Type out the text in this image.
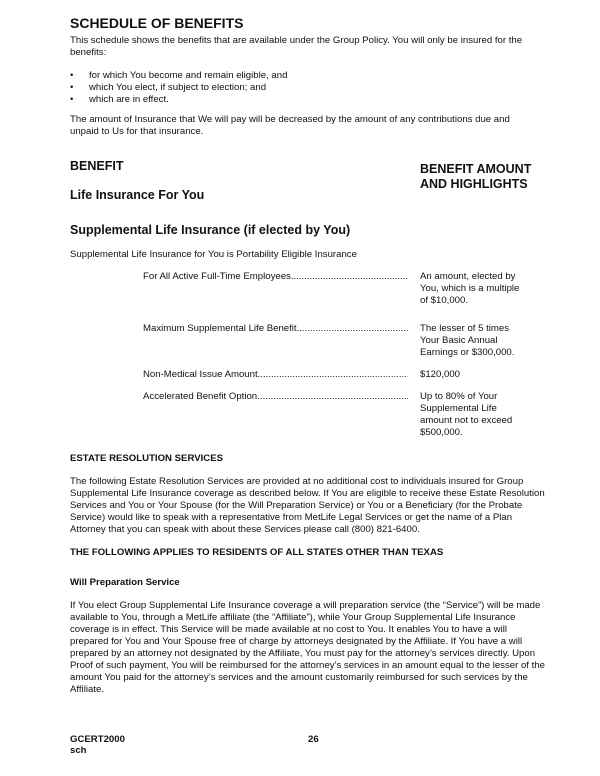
SCHEDULE OF BENEFITS
This schedule shows the benefits that are available under the Group Policy. You will only be insured for the benefits:
• for which You become and remain eligible, and
• which You elect, if subject to election; and
• which are in effect.
The amount of Insurance that We will pay will be decreased by the amount of any contributions due and unpaid to Us for that insurance.
BENEFIT	BENEFIT AMOUNT
AND HIGHLIGHTS
Life Insurance For You
Supplemental Life Insurance (if elected by You)
Supplemental Life Insurance for You is Portability Eligible Insurance
For All Active Full-Time Employees .....	An amount, elected by You, which is a multiple of $10,000.
Maximum Supplemental Life Benefit .....	The lesser of 5 times Your Basic Annual Earnings or $300,000.
Non-Medical Issue Amount .....	$120,000
Accelerated Benefit Option .....	Up to 80% of Your Supplemental Life amount not to exceed $500,000.
ESTATE RESOLUTION SERVICES
The following Estate Resolution Services are provided at no additional cost to individuals insured for Group Supplemental Life Insurance coverage as described below. If You are eligible to receive these Estate Resolution Services and You or Your Spouse (for the Will Preparation Service) or You or a Beneficiary (for the Probate Service) would like to speak with a representative from MetLife Legal Services or get the name of a Plan Attorney that you can speak with about these Services please call (800) 821-6400.
THE FOLLOWING APPLIES TO RESIDENTS OF ALL STATES OTHER THAN TEXAS
Will Preparation Service
If You elect Group Supplemental Life Insurance coverage a will preparation service (the “Service”) will be made available to You, through a MetLife affiliate (the “Affiliate”), while Your Group Supplemental Life Insurance coverage is in effect. This Service will be made available at no cost to You. It enables You to have a will prepared for You and Your Spouse free of charge by attorneys designated by the Affiliate. If You have a will prepared by an attorney not designated by the Affiliate, You must pay for the attorney’s services directly. Upon Proof of such payment, You will be reimbursed for the attorney’s services in an amount equal to the lesser of the amount You paid for the attorney’s services and the amount customarily reimbursed for such services by the Affiliate.
GCERT2000
sch
26
